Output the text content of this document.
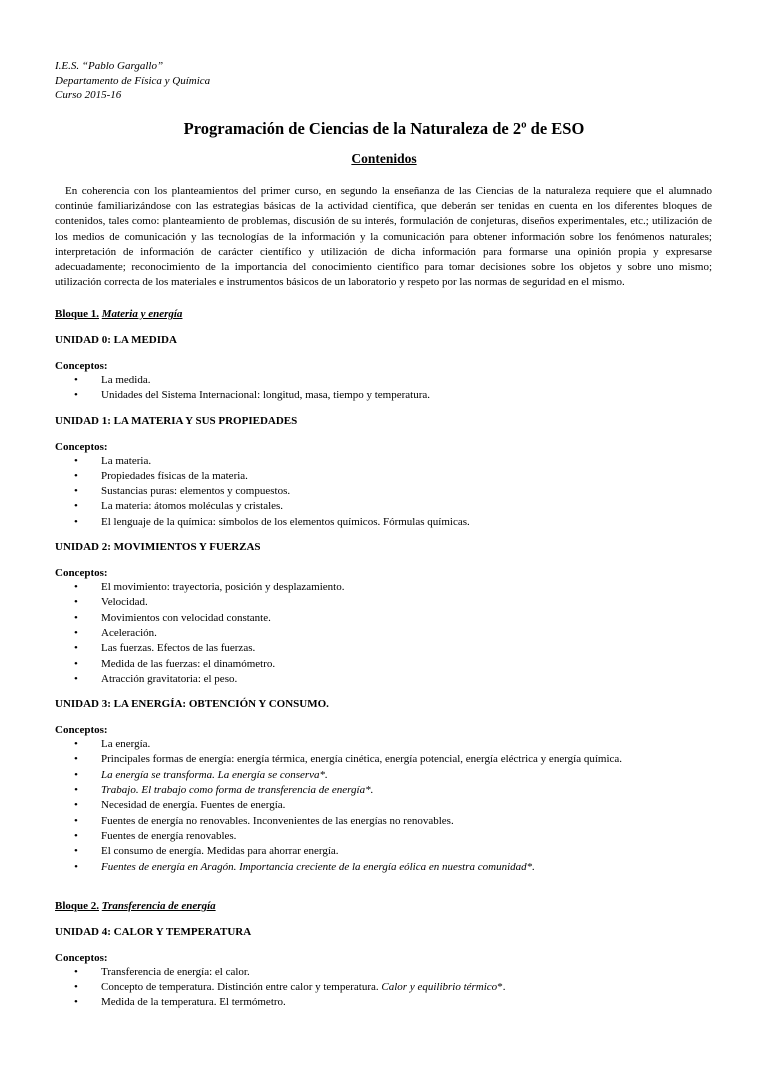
I.E.S. “Pablo Gargallo”
Departamento de Física y Química
Curso 2015-16
Programación de Ciencias de la Naturaleza de 2º de ESO
Contenidos
En coherencia con los planteamientos del primer curso, en segundo la enseñanza de las Ciencias de la naturaleza requiere que el alumnado continúe familiarizándose con las estrategias básicas de la actividad científica, que deberán ser tenidas en cuenta en los diferentes bloques de contenidos, tales como: planteamiento de problemas, discusión de su interés, formulación de conjeturas, diseños experimentales, etc.; utilización de los medios de comunicación y las tecnologías de la información y la comunicación para obtener información sobre los fenómenos naturales; interpretación de información de carácter científico y utilización de dicha información para formarse una opinión propia y expresarse adecuadamente; reconocimiento de la importancia del conocimiento científico para tomar decisiones sobre los objetos y sobre uno mismo; utilización correcta de los materiales e instrumentos básicos de un laboratorio y respeto por las normas de seguridad en el mismo.

Bloque 1. Materia y energía

UNIDAD 0: LA MEDIDA

Conceptos:

• La medida.
• Unidades del Sistema Internacional: longitud, masa, tiempo y temperatura.

UNIDAD 1: LA MATERIA Y SUS PROPIEDADES

Conceptos:

• La materia.
• Propiedades físicas de la materia.
• Sustancias puras: elementos y compuestos.
• La materia: átomos moléculas y cristales.
• El lenguaje de la química: símbolos de los elementos químicos. Fórmulas químicas.

UNIDAD 2: MOVIMIENTOS Y FUERZAS

Conceptos:

• El movimiento: trayectoria, posición y desplazamiento.
• Velocidad.
• Movimientos con velocidad constante.
• Aceleración.
• Las fuerzas. Efectos de las fuerzas.
• Medida de las fuerzas: el dinamómetro.
• Atracción gravitatoria: el peso.

UNIDAD 3: LA ENERGÍA: OBTENCIÓN Y CONSUMO.

Conceptos:

• La energía.
• Principales formas de energía: energía térmica, energía cinética, energía potencial, energía eléctrica y energía química.
• La energía se transforma. La energía se conserva*.
• Trabajo. El trabajo como forma de transferencia de energía*.
• Necesidad de energía. Fuentes de energía.
• Fuentes de energía no renovables. Inconvenientes de las energías no renovables.
• Fuentes de energía renovables.
• El consumo de energía. Medidas para ahorrar energía.
• Fuentes de energía en Aragón. Importancia creciente de la energía eólica en nuestra comunidad*.

Bloque 2. Transferencia de energía

UNIDAD 4: CALOR Y TEMPERATURA

Conceptos:

• Transferencia de energía: el calor.
• Concepto de temperatura. Distinción entre calor y temperatura. Calor y equilibrio térmico*.
• Medida de la temperatura. El termómetro.
